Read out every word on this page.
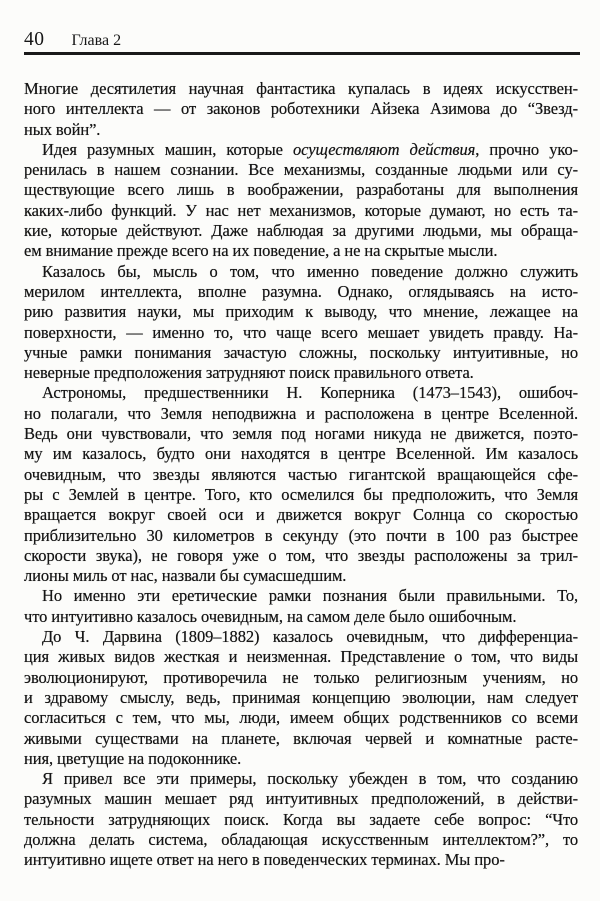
40 Глава 2
Многие десятилетия научная фантастика купалась в идеях искусствен-
ного интеллекта — от законов роботехники Айзека Азимова до “Звезд-
ных войн”.
Идея разумных машин, которые осуществляют действия, прочно уко-
ренилась в нашем сознании. Все механизмы, созданные людьми или су-
ществующие всего лишь в воображении, разработаны для выполнения
каких-либо функций. У нас нет механизмов, которые думают, но есть та-
кие, которые действуют. Даже наблюдая за другими людьми, мы обраща-
ем внимание прежде всего на их поведение, а не на скрытые мысли.
Казалось бы, мысль о том, что именно поведение должно служить
мерилом интеллекта, вполне разумна. Однако, оглядываясь на исто-
рию развития науки, мы приходим к выводу, что мнение, лежащее на
поверхности, — именно то, что чаще всего мешает увидеть правду. На-
учные рамки понимания зачастую сложны, поскольку интуитивные, но
неверные предположения затрудняют поиск правильного ответа.
Астрономы, предшественники Н. Коперника (1473–1543), ошибоч-
но полагали, что Земля неподвижна и расположена в центре Вселенной.
Ведь они чувствовали, что земля под ногами никуда не движется, поэто-
му им казалось, будто они находятся в центре Вселенной. Им казалось
очевидным, что звезды являются частью гигантской вращающейся сфе-
ры с Землей в центре. Того, кто осмелился бы предположить, что Земля
вращается вокруг своей оси и движется вокруг Солнца со скоростью
приблизительно 30 километров в секунду (это почти в 100 раз быстрее
скорости звука), не говоря уже о том, что звезды расположены за трил-
лионы миль от нас, назвали бы сумасшедшим.
Но именно эти еретические рамки познания были правильными. То,
что интуитивно казалось очевидным, на самом деле было ошибочным.
До Ч. Дарвина (1809–1882) казалось очевидным, что дифференциа-
ция живых видов жесткая и неизменная. Представление о том, что виды
эволюционируют, противоречила не только религиозным учениям, но
и здравому смыслу, ведь, принимая концепцию эволюции, нам следует
согласиться с тем, что мы, люди, имеем общих родственников со всеми
живыми существами на планете, включая червей и комнатные расте-
ния, цветущие на подоконнике.
Я привел все эти примеры, поскольку убежден в том, что созданию
разумных машин мешает ряд интуитивных предположений, в действи-
тельности затрудняющих поиск. Когда вы задаете себе вопрос: “Что
должна делать система, обладающая искусственным интеллектом?”, то
интуитивно ищете ответ на него в поведенческих терминах. Мы про-
